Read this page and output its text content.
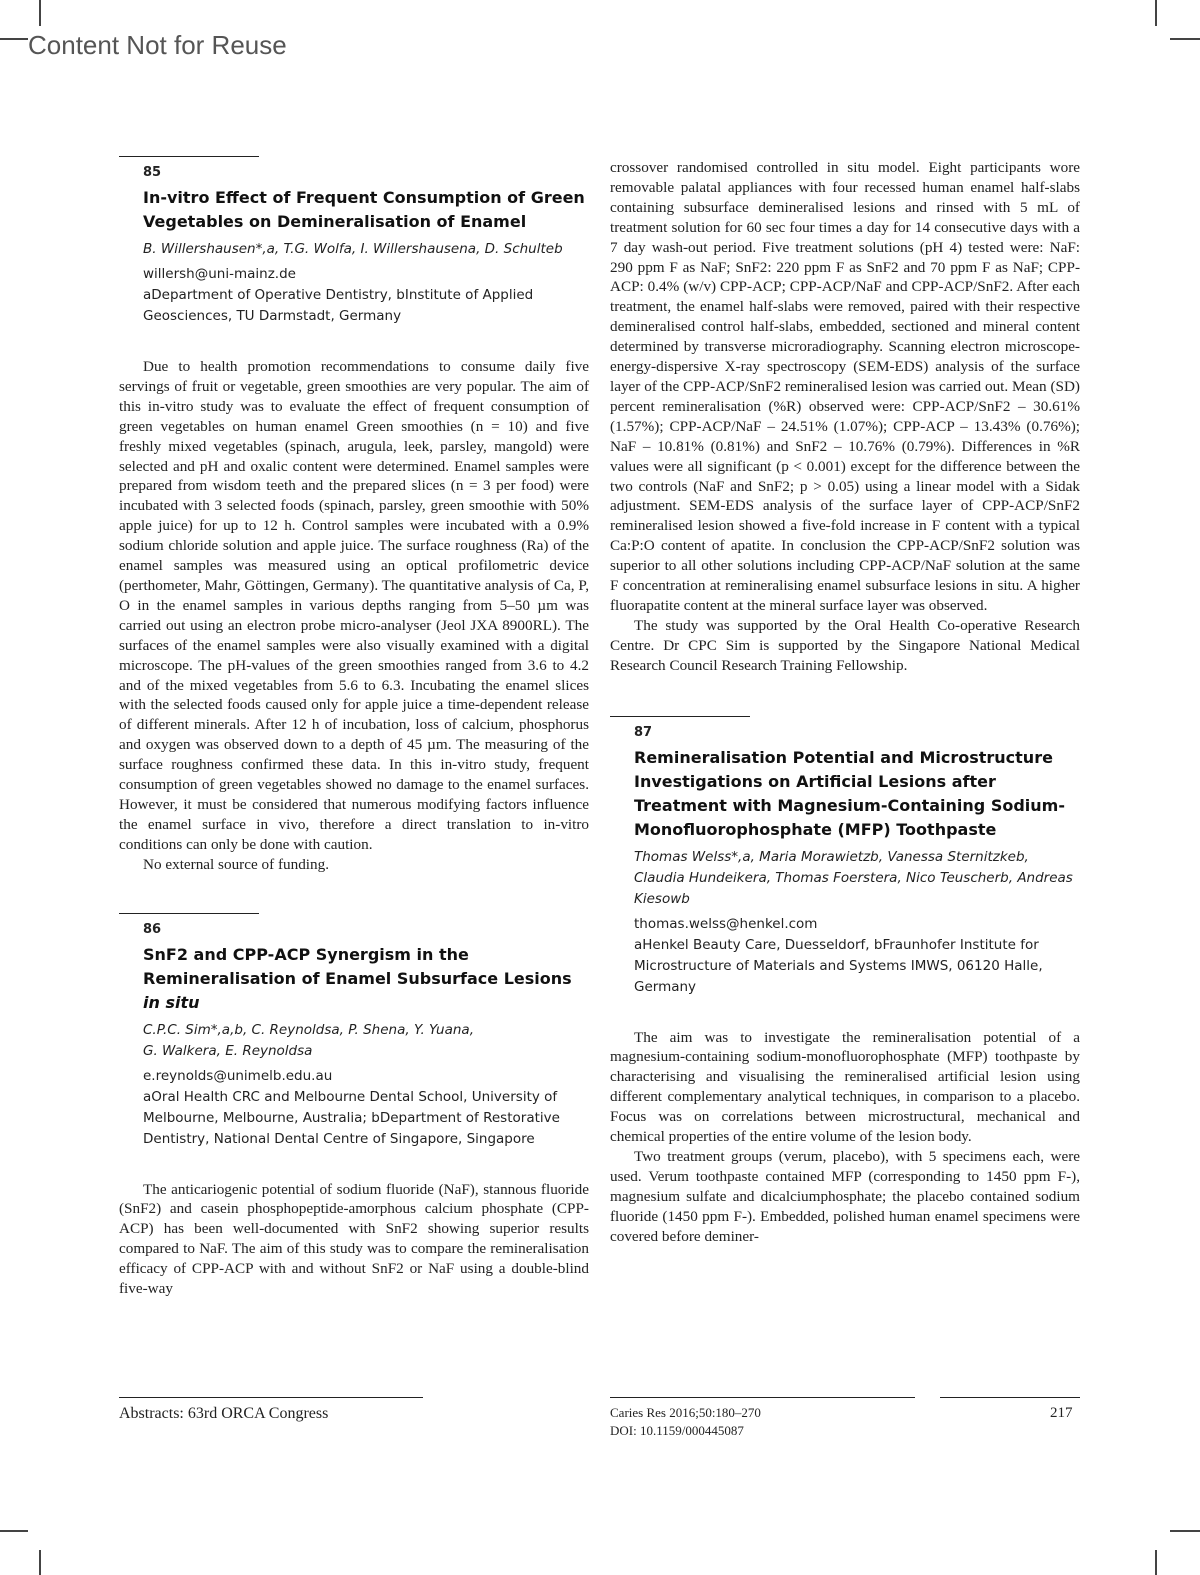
Content Not for Reuse

85
In-vitro Effect of Frequent Consumption of Green Vegetables on Demineralisation of Enamel
B. Willershausen*,a, T.G. Wolfa, I. Willershausena, D. Schulteb
willersh@uni-mainz.de
aDepartment of Operative Dentistry, bInstitute of Applied Geosciences, TU Darmstadt, Germany

Due to health promotion recommendations to consume daily five servings of fruit or vegetable, green smoothies are very popular. The aim of this in-vitro study was to evaluate the effect of frequent consumption of green vegetables on human enamel Green smoothies (n = 10) and five freshly mixed vegetables (spinach, arugula, leek, parsley, mangold) were selected and pH and oxalic content were determined. Enamel samples were prepared from wisdom teeth and the prepared slices (n = 3 per food) were incubated with 3 selected foods (spinach, parsley, green smoothie with 50% apple juice) for up to 12 h. Control samples were incubated with a 0.9% sodium chloride solution and apple juice. The surface roughness (Ra) of the enamel samples was measured using an optical profilometric device (perthometer, Mahr, Göttingen, Germany). The quantitative analysis of Ca, P, O in the enamel samples in various depths ranging from 5–50 µm was carried out using an electron probe micro-analyser (Jeol JXA 8900RL). The surfaces of the enamel samples were also visually examined with a digital microscope. The pH-values of the green smoothies ranged from 3.6 to 4.2 and of the mixed vegetables from 5.6 to 6.3. Incubating the enamel slices with the selected foods caused only for apple juice a time-dependent release of different minerals. After 12 h of incubation, loss of calcium, phosphorus and oxygen was observed down to a depth of 45 µm. The measuring of the surface roughness confirmed these data. In this in-vitro study, frequent consumption of green vegetables showed no damage to the enamel surfaces. However, it must be considered that numerous modifying factors influence the enamel surface in vivo, therefore a direct translation to in-vitro conditions can only be done with caution.

No external source of funding.

86
SnF2 and CPP-ACP Synergism in the Remineralisation of Enamel Subsurface Lesions in situ
C.P.C. Sim*,a,b, C. Reynoldsa, P. Shena, Y. Yuana,
G. Walkera, E. Reynoldsa
e.reynolds@unimelb.edu.au
aOral Health CRC and Melbourne Dental School, University of Melbourne, Melbourne, Australia; bDepartment of Restorative Dentistry, National Dental Centre of Singapore, Singapore

The anticariogenic potential of sodium fluoride (NaF), stannous fluoride (SnF2) and casein phosphopeptide-amorphous calcium phosphate (CPP-ACP) has been well-documented with SnF2 showing superior results compared to NaF. The aim of this study was to compare the remineralisation efficacy of CPP-ACP with and without SnF2 or NaF using a double-blind five-way

crossover randomised controlled in situ model. Eight participants wore removable palatal appliances with four recessed human enamel half-slabs containing subsurface demineralised lesions and rinsed with 5 mL of treatment solution for 60 sec four times a day for 14 consecutive days with a 7 day wash-out period. Five treatment solutions (pH 4) tested were: NaF: 290 ppm F as NaF; SnF2: 220 ppm F as SnF2 and 70 ppm F as NaF; CPP-ACP: 0.4% (w/v) CPP-ACP; CPP-ACP/NaF and CPP-ACP/SnF2. After each treatment, the enamel half-slabs were removed, paired with their respective demineralised control half-slabs, embedded, sectioned and mineral content determined by transverse microradiography. Scanning electron microscope-energy-dispersive X-ray spectroscopy (SEM-EDS) analysis of the surface layer of the CPP-ACP/SnF2 remineralised lesion was carried out. Mean (SD) percent remineralisation (%R) observed were: CPP-ACP/SnF2 – 30.61% (1.57%); CPP-ACP/NaF – 24.51% (1.07%); CPP-ACP – 13.43% (0.76%); NaF – 10.81% (0.81%) and SnF2 – 10.76% (0.79%). Differences in %R values were all significant (p < 0.001) except for the difference between the two controls (NaF and SnF2; p > 0.05) using a linear model with a Sidak adjustment. SEM-EDS analysis of the surface layer of CPP-ACP/SnF2 remineralised lesion showed a five-fold increase in F content with a typical Ca:P:O content of apatite. In conclusion the CPP-ACP/SnF2 solution was superior to all other solutions including CPP-ACP/NaF solution at the same F concentration at remineralising enamel subsurface lesions in situ. A higher fluorapatite content at the mineral surface layer was observed.

The study was supported by the Oral Health Co-operative Research Centre. Dr CPC Sim is supported by the Singapore National Medical Research Council Research Training Fellowship.

87
Remineralisation Potential and Microstructure Investigations on Artificial Lesions after Treatment with Magnesium-Containing Sodium-Monofluorophosphate (MFP) Toothpaste
Thomas Welss*,a, Maria Morawietzb, Vanessa Sternitzkeb, Claudia Hundeikera, Thomas Foerstera, Nico Teuscherb, Andreas Kiesowb
thomas.welss@henkel.com
aHenkel Beauty Care, Duesseldorf, bFraunhofer Institute for Microstructure of Materials and Systems IMWS, 06120 Halle, Germany

The aim was to investigate the remineralisation potential of a magnesium-containing sodium-monofluorophosphate (MFP) toothpaste by characterising and visualising the remineralised artificial lesion using different complementary analytical techniques, in comparison to a placebo. Focus was on correlations between microstructural, mechanical and chemical properties of the entire volume of the lesion body.

Two treatment groups (verum, placebo), with 5 specimens each, were used. Verum toothpaste contained MFP (corresponding to 1450 ppm F-), magnesium sulfate and dicalciumphosphate; the placebo contained sodium fluoride (1450 ppm F-). Embedded, polished human enamel specimens were covered before deminer-

Abstracts: 63rd ORCA Congress	Caries Res 2016;50:180–270
DOI: 10.1159/000445087
217
